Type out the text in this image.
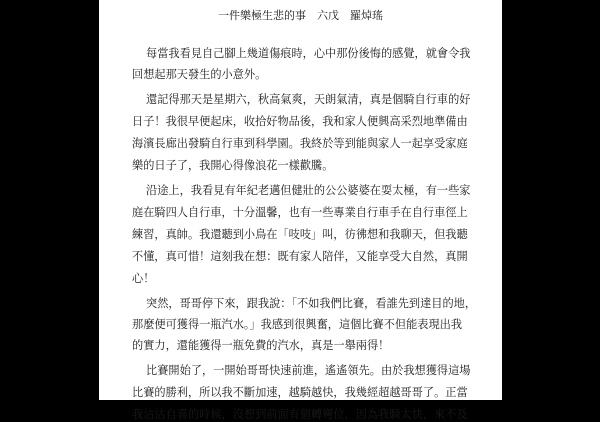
一件樂極生悲的事　六戊　羅焯瑤
每當我看見自己腳上幾道傷痕時，心中那份後悔的感覺，就會令我
回想起那天發生的小意外。
還記得那天是星期六，秋高氣爽，天朗氣清，真是個騎自行車的好
日子！我很早便起床，收拾好物品後，我和家人便興高采烈地準備由
海濱長廊出發騎自行車到科學園。我終於等到能與家人一起享受家庭
樂的日子了，我開心得像浪花一樣歡騰。
沿途上，我看見有年紀老邁但健壯的公公婆婆在耍太極，有一些家
庭在騎四人自行車，十分溫馨，也有一些專業自行車手在自行車徑上
練習，真帥。我還聽到小鳥在「吱吱」叫，彷彿想和我聊天，但我聽
不懂，真可惜！這刻我在想：既有家人陪伴，又能享受大自然，真開
心！
突然，哥哥停下來，跟我說：「不如我們比賽，看誰先到達目的地，
那麼便可獲得一瓶汽水。」我感到很興奮，這個比賽不但能表現出我
的實力，還能獲得一瓶免費的汽水，真是一舉兩得！
比賽開始了，一開始哥哥快速前進，遙遙領先。由於我想獲得這場
比賽的勝利，所以我不斷加速，越騎越快，我幾經超越哥哥了。正當
我沾沾自喜的時候，沒想到前面有個轉彎位，因為我騎太快，來不及
